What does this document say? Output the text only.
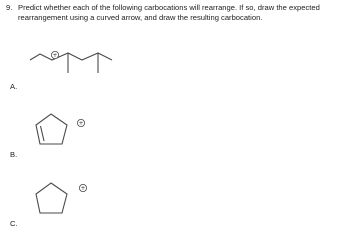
9. Predict whether each of the following carbocations will rearrange. If so, draw the expected rearrangement using a curved arrow, and draw the resulting carbocation.
+
A.
+
B.
+
C.
